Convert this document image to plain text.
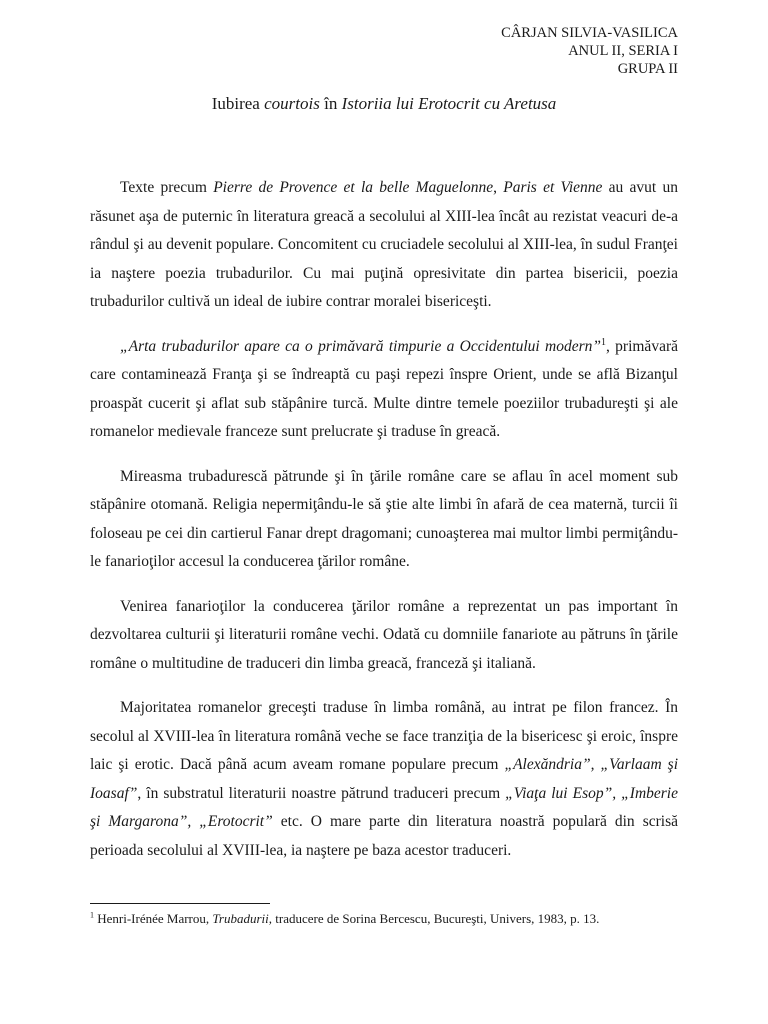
CÂRJAN SILVIA-VASILICA
ANUL II, SERIA I
GRUPA II
Iubirea courtois în Istoriia lui Erotocrit cu Aretusa

Texte precum Pierre de Provence et la belle Maguelonne, Paris et Vienne au avut un răsunet aşa de puternic în literatura greacă a secolului al XIII-lea încât au rezistat veacuri de-a rândul şi au devenit populare. Concomitent cu cruciadele secolului al XIII-lea, în sudul Franţei ia naştere poezia trubadurilor. Cu mai puţină opresivitate din partea bisericii, poezia trubadurilor cultivă un ideal de iubire contrar moralei bisericeşti.

„Arta trubadurilor apare ca o primăvară timpurie a Occidentului modern”$^1$, primăvară care contaminează Franţa şi se îndreaptă cu paşi repezi înspre Orient, unde se află Bizanţul proaspăt cucerit şi aflat sub stăpânire turcă. Multe dintre temele poeziilor trubadureşti şi ale romanelor medievale franceze sunt prelucrate şi traduse în greacă.

Mireasma trubadurescă pătrunde şi în ţările române care se aflau în acel moment sub stăpânire otomană. Religia nepermiţându-le să ştie alte limbi în afară de cea maternă, turcii îi foloseau pe cei din cartierul Fanar drept dragomani; cunoaşterea mai multor limbi permiţându-le fanarioţilor accesul la conducerea ţărilor române.

Venirea fanarioţilor la conducerea ţărilor române a reprezentat un pas important în dezvoltarea culturii şi literaturii române vechi. Odată cu domniile fanariote au pătruns în ţările române o multitudine de traduceri din limba greacă, franceză şi italiană.

Majoritatea romanelor greceşti traduse în limba română, au intrat pe filon francez. În secolul al XVIII-lea în literatura română veche se face tranziţia de la bisericesc şi eroic, înspre laic şi erotic. Dacă până acum aveam romane populare precum „Alexăndria”, „Varlaam şi Ioasaf”, în substratul literaturii noastre pătrund traduceri precum „Viaţa lui Esop”, „Imberie şi Margarona”, „Erotocrit” etc. O mare parte din literatura noastră populară din scrisă perioada secolului al XVIII-lea, ia naştere pe baza acestor traduceri.

$^1$ Henri-Irénée Marrou, Trubadurii, traducere de Sorina Bercescu, Bucureşti, Univers, 1983, p. 13.
